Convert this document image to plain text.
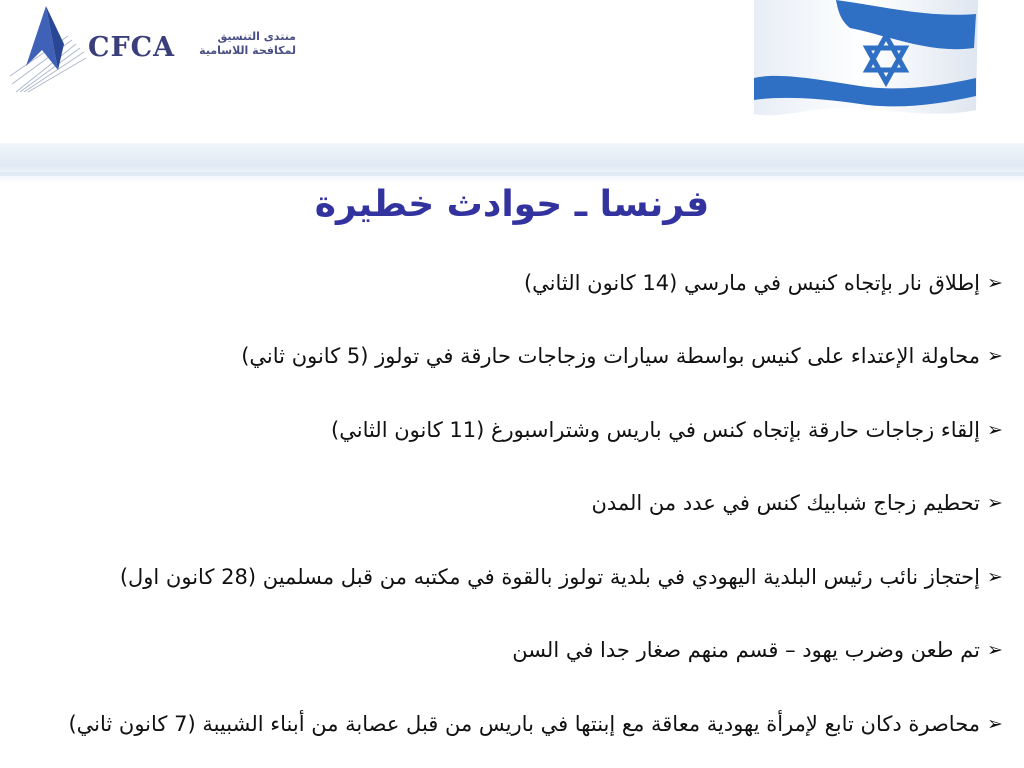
CFCA	منتدى التنسيق
لمكافحة اللاسامية
فرنسا ـ حوادث خطيرة
➢
إطلاق نار بإتجاه كنيس في مارسي (14 كانون الثاني)
➢
محاولة الإعتداء على كنيس بواسطة سيارات وزجاجات حارقة في تولوز (5 كانون ثاني)
➢
إلقاء زجاجات حارقة بإتجاه كنس في باريس وشتراسبورغ (11 كانون الثاني)
➢
تحطيم زجاج شبابيك كنس في عدد من المدن
➢
إحتجاز نائب رئيس البلدية اليهودي في بلدية تولوز بالقوة في مكتبه من قبل مسلمين (28 كانون اول)
➢
تم طعن وضرب يهود – قسم منهم صغار جدا في السن
➢
محاصرة دكان تابع لإمرأة يهودية معاقة مع إبنتها في باريس من قبل عصابة من أبناء الشبيبة (7 كانون ثاني)
